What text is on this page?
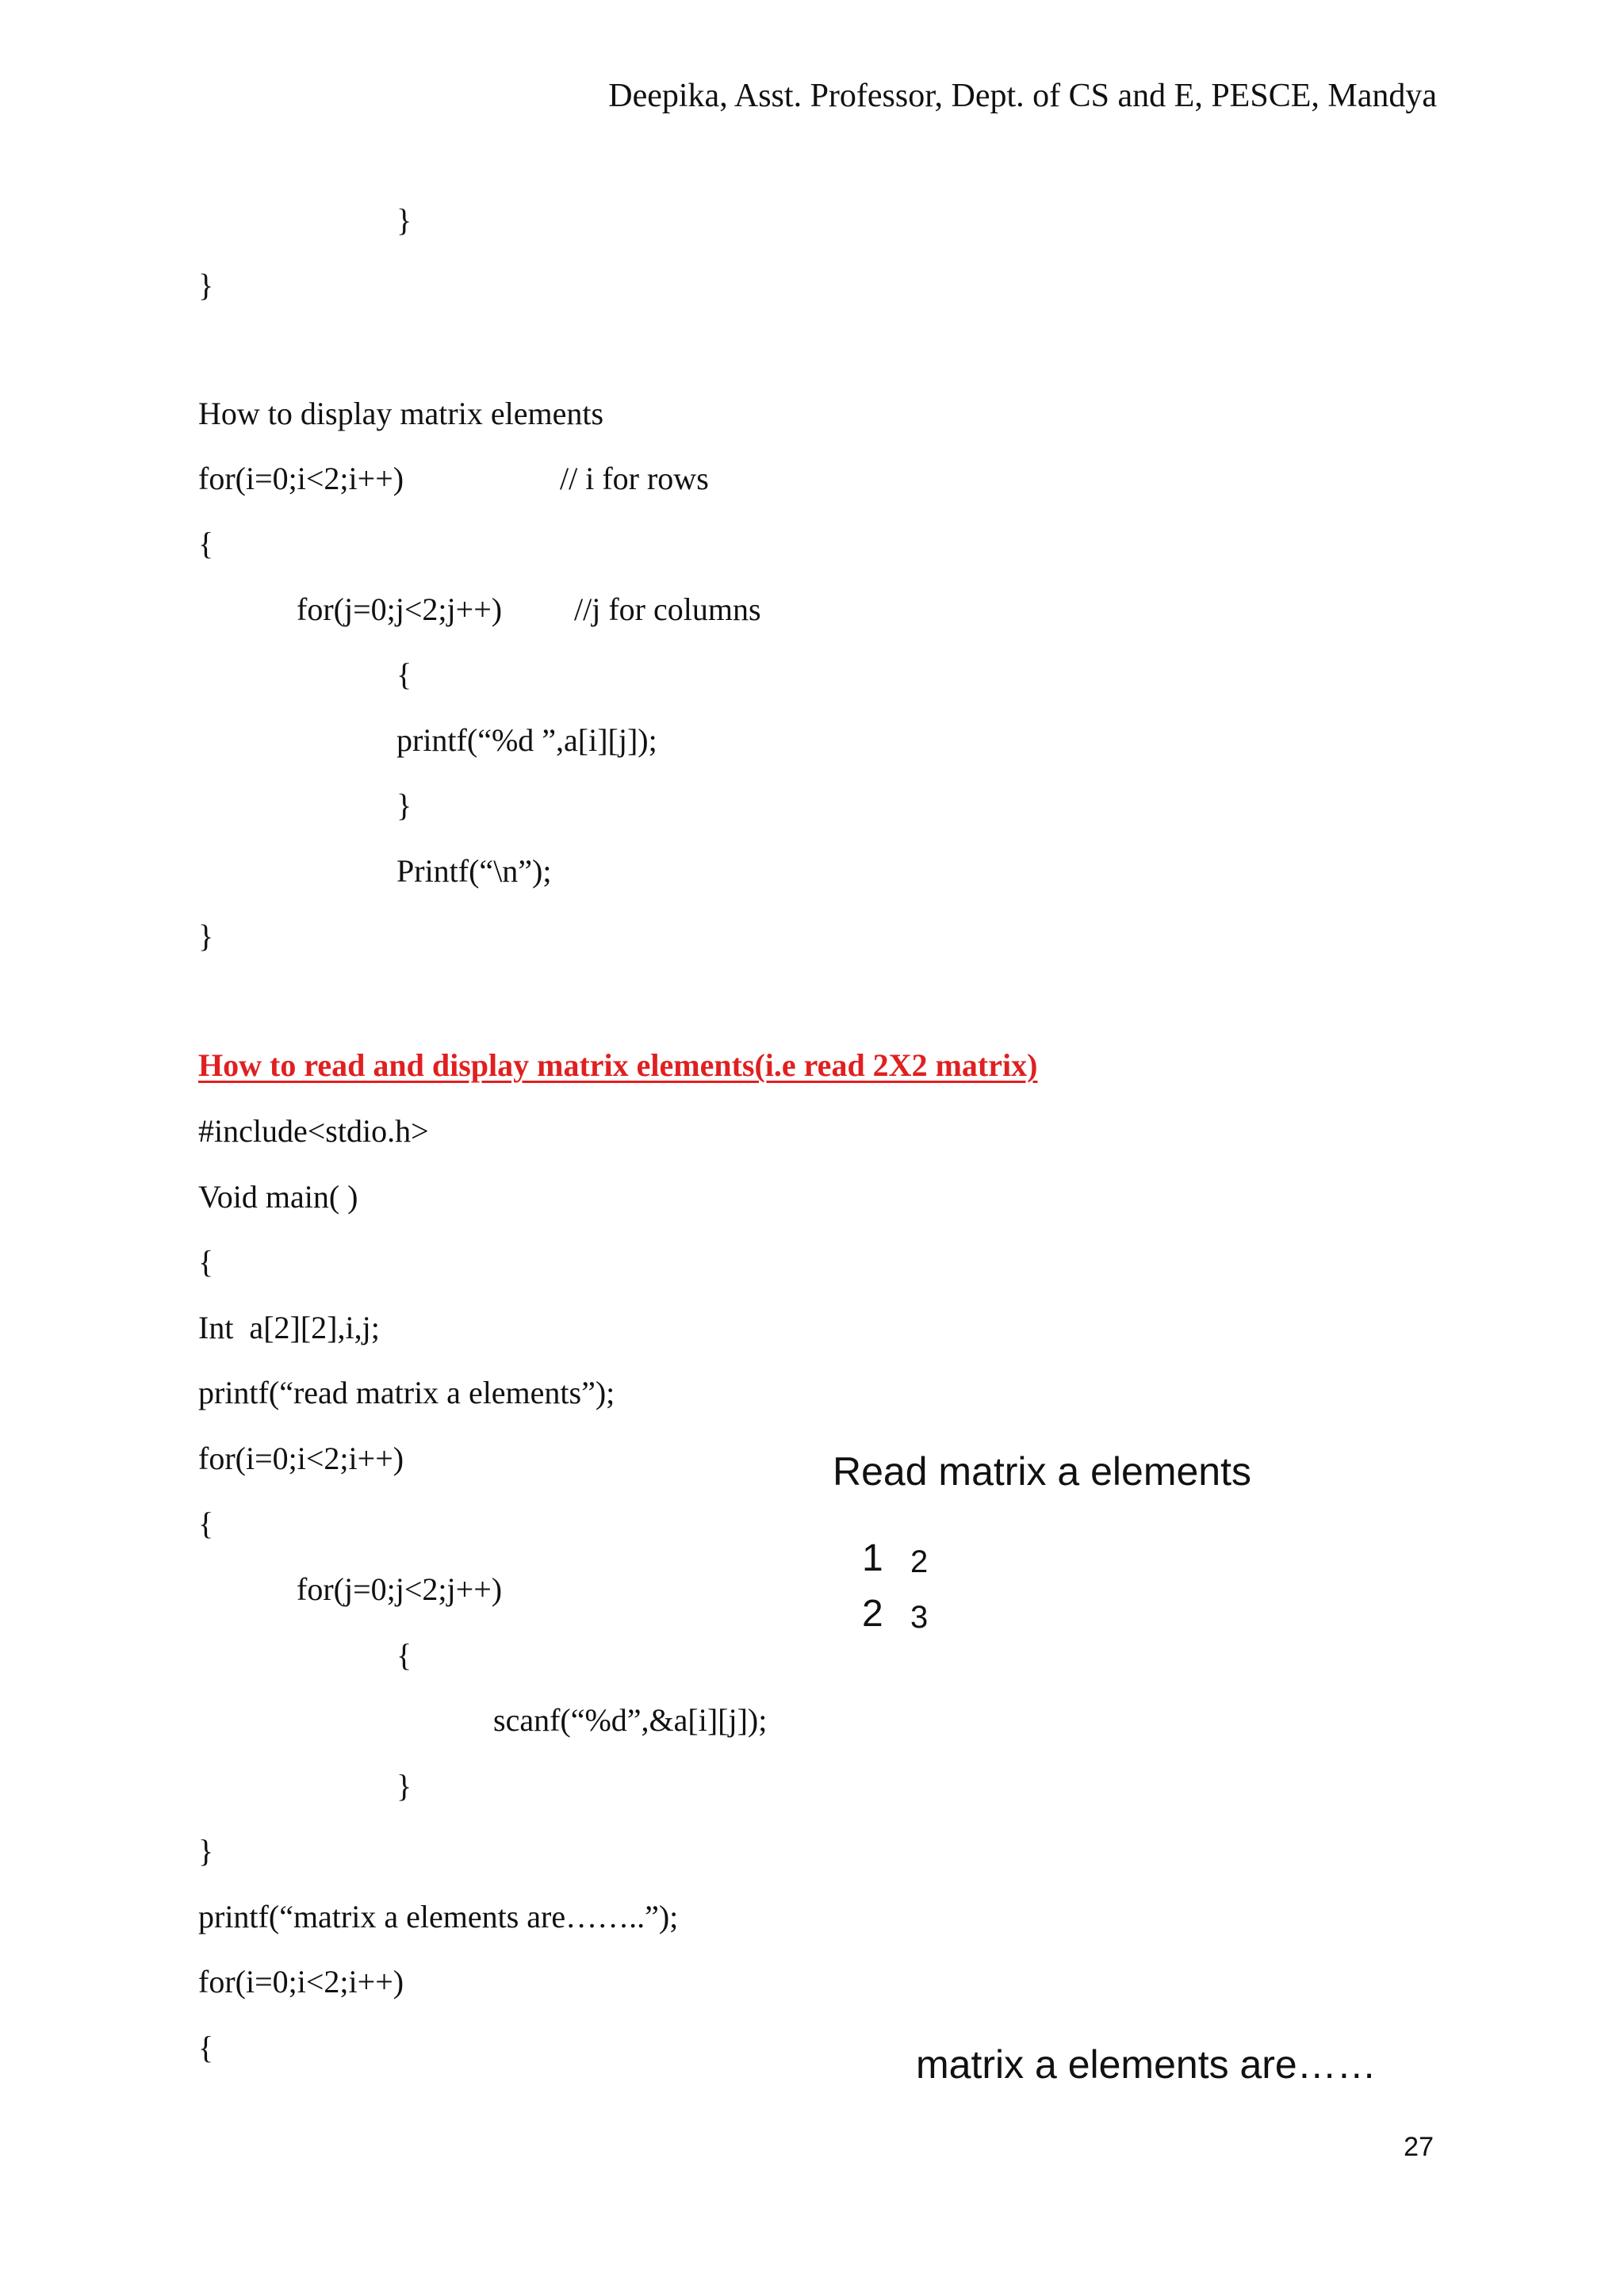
Deepika, Asst. Professor, Dept. of CS and E, PESCE, Mandya
}
}
How to display matrix elements
for(i=0;i<2;i++)	// i for rows
{
for(j=0;j<2;j++) //j for columns
{
printf(“%d ”,a[i][j]);
}
Printf(“\n”);
}
How to read and display matrix elements(i.e read 2X2 matrix)
#include<stdio.h>
Void main( )
{
Int  a[2][2],i,j;
printf(“read matrix a elements”);
for(i=0;i<2;i++)
{
for(j=0;j<2;j++)
{
scanf(“%d”,&a[i][j]);
}
}
printf(“matrix a elements are……..”);
for(i=0;i<2;i++)
{
Read matrix a elements
1 2
2 3
matrix a elements are……
27
